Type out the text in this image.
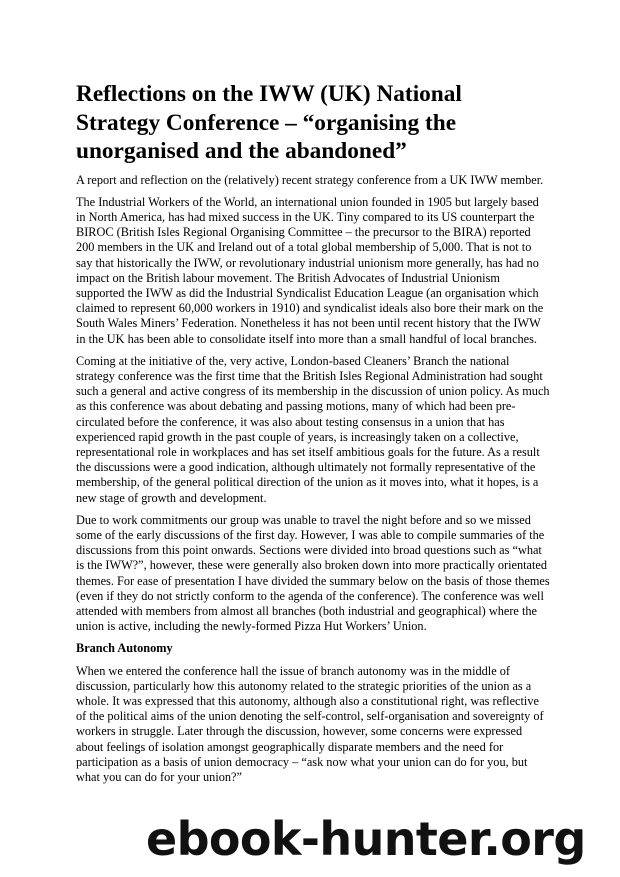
Reflections on the IWW (UK) National Strategy Conference – “organising the unorganised and the abandoned”

A report and reflection on the (relatively) recent strategy conference from a UK IWW member.

The Industrial Workers of the World, an international union founded in 1905 but largely based in North America, has had mixed success in the UK. Tiny compared to its US counterpart the BIROC (British Isles Regional Organising Committee – the precursor to the BIRA) reported 200 members in the UK and Ireland out of a total global membership of 5,000. That is not to say that historically the IWW, or revolutionary industrial unionism more generally, has had no impact on the British labour movement. The British Advocates of Industrial Unionism supported the IWW as did the Industrial Syndicalist Education League (an organisation which claimed to represent 60,000 workers in 1910) and syndicalist ideals also bore their mark on the South Wales Miners’ Federation. Nonetheless it has not been until recent history that the IWW in the UK has been able to consolidate itself into more than a small handful of local branches.

Coming at the initiative of the, very active, London-based Cleaners’ Branch the national strategy conference was the first time that the British Isles Regional Administration had sought such a general and active congress of its membership in the discussion of union policy. As much as this conference was about debating and passing motions, many of which had been pre-circulated before the conference, it was also about testing consensus in a union that has experienced rapid growth in the past couple of years, is increasingly taken on a collective, representational role in workplaces and has set itself ambitious goals for the future. As a result the discussions were a good indication, although ultimately not formally representative of the membership, of the general political direction of the union as it moves into, what it hopes, is a new stage of growth and development.

Due to work commitments our group was unable to travel the night before and so we missed some of the early discussions of the first day. However, I was able to compile summaries of the discussions from this point onwards. Sections were divided into broad questions such as “what is the IWW?”, however, these were generally also broken down into more practically orientated themes. For ease of presentation I have divided the summary below on the basis of those themes (even if they do not strictly conform to the agenda of the conference). The conference was well attended with members from almost all branches (both industrial and geographical) where the union is active, including the newly-formed Pizza Hut Workers’ Union.

Branch Autonomy

When we entered the conference hall the issue of branch autonomy was in the middle of discussion, particularly how this autonomy related to the strategic priorities of the union as a whole. It was expressed that this autonomy, although also a constitutional right, was reflective of the political aims of the union denoting the self-control, self-organisation and sovereignty of workers in struggle. Later through the discussion, however, some concerns were expressed about feelings of isolation amongst geographically disparate members and the need for participation as a basis of union democracy – “ask now what your union can do for you, but what you can do for your union?”

ebook-hunter.org
